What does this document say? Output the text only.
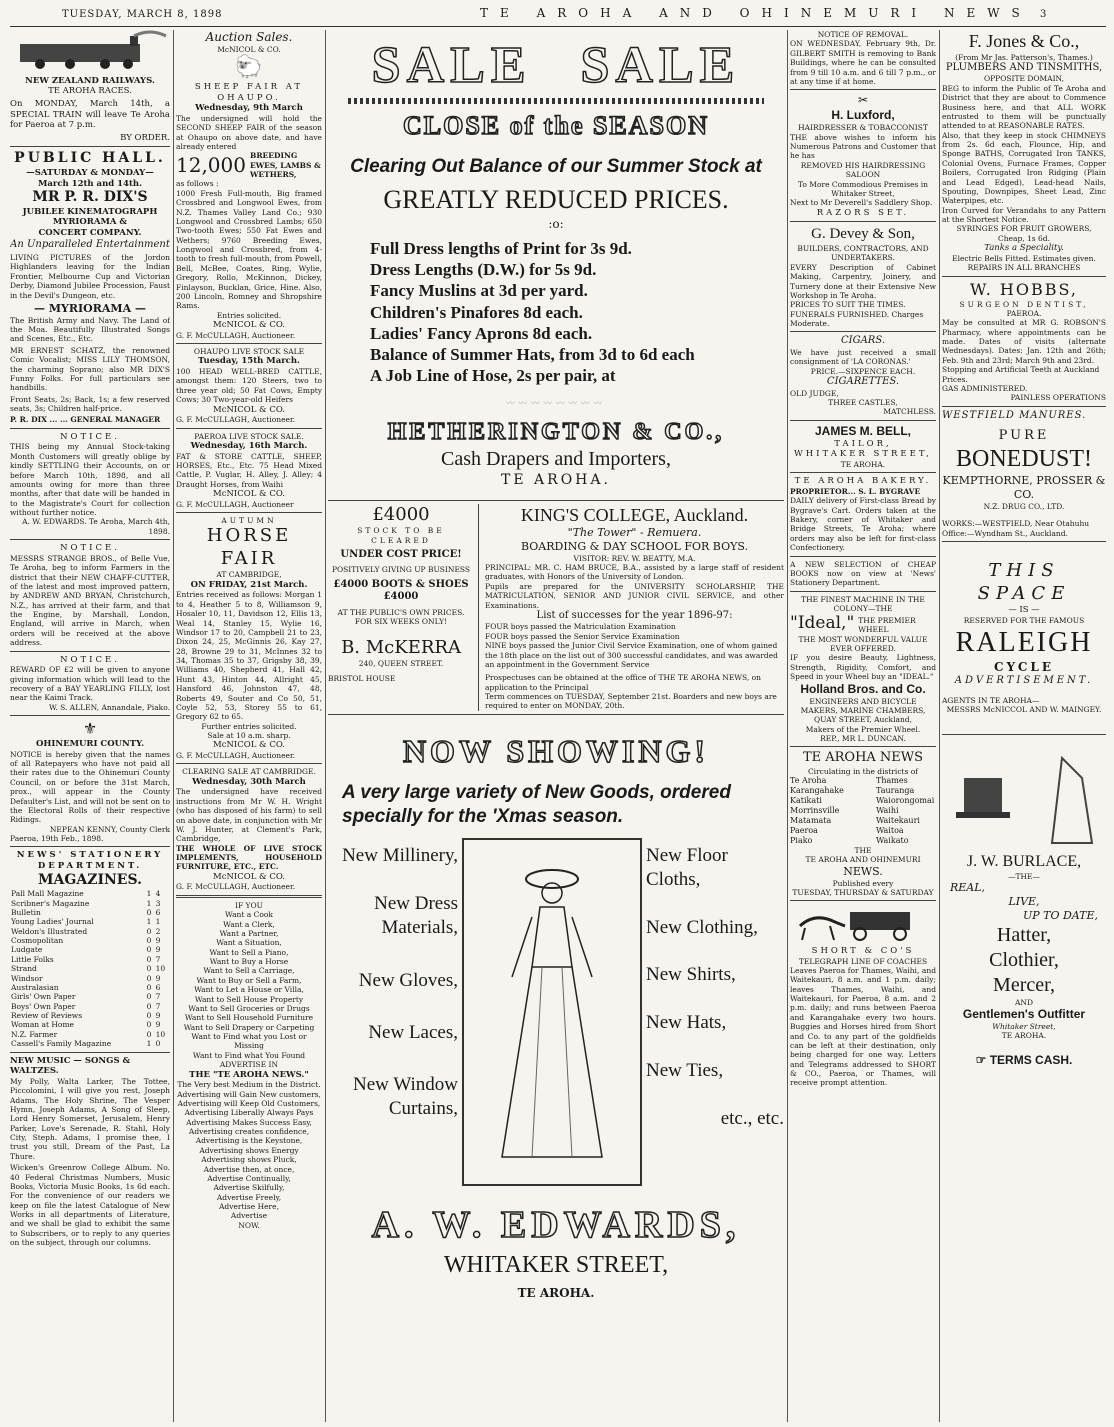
TUESDAY, MARCH 8, 1898	TE AROHA AND OHINEMURI NEWS 3
NEW ZEALAND RAILWAYS.
TE AROHA RACES.
On MONDAY, March 14th, a SPECIAL TRAIN will leave Te Aroha for Paeroa at 7 p.m.
BY ORDER.
PUBLIC HALL.
—SATURDAY & MONDAY— March 12th and 14th.
MR P. R. DIX'S
JUBILEE KINEMATOGRAPH
MYRIORAMA &
CONCERT COMPANY.
An Unparalleled Entertainment
LIVING PICTURES of the Jordon Highlanders leaving for the Indian Frontier, Melbourne Cup and Victorian Derby, Diamond Jubilee Procession, Faust in the Devil's Dungeon, etc.
— MYRIORAMA —
The British Army and Navy. The Land of the Moa. Beautifully Illustrated Songs and Scenes, Etc., Etc.
MR ERNEST SCHATZ, the renowned Comic Vocalist; MISS LILY THOMSON, the charming Soprano; also MR DIX'S Funny Folks. For full particulars see handbills.
Front Seats, 2s; Back, 1s; a few reserved seats, 3s; Children half-price.
P. R. DIX ... ... GENERAL MANAGER
NOTICE.
THIS being my Annual Stock-taking Month Customers will greatly oblige by kindly SETTLING their Accounts, on or before March 10th, 1898, and all amounts owing for more than three months, after that date will be handed in to the Magistrate's Court for collection without further notice.
A. W. EDWARDS. Te Aroha, March 4th, 1898.
NOTICE.
MESSRS STRANGE BROS., of Belle Vue, Te Aroha, beg to inform Farmers in the district that their NEW CHAFF-CUTTER, of the latest and most improved pattern, by ANDREW AND BRYAN, Christchurch, N.Z., has arrived at their farm, and that the Engine, by Marshall, London, England, will arrive in March, when orders will be received at the above address.
NOTICE.
REWARD OF £2 will be given to anyone giving information which will lead to the recovery of a BAY YEARLING FILLY, lost near the Kaimi Track.
W. S. ALLEN, Annandale, Piako.
⚜
OHINEMURI COUNTY.
NOTICE is hereby given that the names of all Ratepayers who have not paid all their rates due to the Ohinemuri County Council, on or before the 31st March, prox., will appear in the County Defaulter's List, and will not be sent on to the Electoral Rolls of their respective Ridings.
NEPEAN KENNY, County Clerk
Paeroa, 19th Feb., 1898.
NEWS' STATIONERY DEPARTMENT.
MAGAZINES.
Pall Mall Magazine	1	4
Scribner's Magazine	1	3
Bulletin	0	6
Young Ladies' Journal	1	1
Weldon's Illustrated	0	2
Cosmopolitan	0	9
Ludgate	0	9
Little Folks	0	7
Strand	0	10
Windsor	0	9
Australasian	0	6
Girls' Own Paper	0	7
Boys' Own Paper	0	7
Review of Reviews	0	9
Woman at Home	0	9
N.Z. Farmer	0	10
Cassell's Family Magazine	1	0
NEW MUSIC — SONGS & WALTZES.
My Polly, Walta Larker, The Tottee, Piccolomini, I will give you rest, Joseph Adams, The Holy Shrine, The Vesper Hymn, Joseph Adams, A Song of Sleep, Lord Henry Somerset, Jerusalem, Henry Parker, Love's Serenade, R. Stahl, Holy City, Steph. Adams, I promise thee, I trust you still, Dream of the Past, La Thure.
Wicken's Greenrow College Album. No. 40 Federal Christmas Numbers, Music Books, Victoria Music Books, 1s 6d each. For the convenience of our readers we keep on file the latest Catalogue of New Works in all departments of Literature, and we shall be glad to exhibit the same to Subscribers, or to reply to any queries on the subject, through our columns.
Auction Sales.
McNICOL & CO.
🐑
SHEEP FAIR AT OHAUPO.
Wednesday, 9th March
The undersigned will hold the SECOND SHEEP FAIR of the season at Ohaupo on above date, and have already entered
12,000 BREEDING EWES, LAMBS & WETHERS,
as follows :
1000 Fresh Full-mouth, Big framed Crossbred and Longwool Ewes, from N.Z. Thames Valley Land Co.; 930 Longwool and Crossbred Lambs; 650 Two-tooth Ewes; 550 Fat Ewes and Wethers; 9760 Breeding Ewes, Longwool and Crossbred, from 4-tooth to fresh full-mouth, from Powell, Bell, McBee, Coates, Ring, Wylie, Gregory, Rollo, McKinnon, Dickey, Finlayson, Bucklan, Grice, Hine. Also, 200 Lincoln, Romney and Shropshire Rams.
Entries solicited.
McNICOL & CO.
G. F. McCULLAGH, Auctioneer.
OHAUPO LIVE STOCK SALE
Tuesday, 15th March.
100 HEAD WELL-BRED CATTLE, amongst them: 120 Steers, two to three year old; 50 Fat Cows, Empty Cows; 30 Two-year-old Heifers
McNICOL & CO.
G. F. McCULLAGH, Auctioneer.
PAEROA LIVE STOCK SALE.
Wednesday, 16th March.
FAT & STORE CATTLE, SHEEP, HORSES, Etc., Etc. 75 Head Mixed Cattle, P. Vuglar, H. Alley, J. Alley; 4 Draught Horses, from Waihi
McNICOL & CO.
G. F. McCULLAGH, Auctioneer
AUTUMN
HORSE FAIR
AT CAMBRIDGE,
ON FRIDAY, 21st March.
Entries received as follows: Morgan 1 to 4, Heather 5 to 8, Williamson 9, Hosaler 10, 11, Davidson 12, Ellis 13, Weal 14, Stanley 15, Wylie 16, Windsor 17 to 20, Campbell 21 to 23, Dixon 24, 25, McGinnis 26, Kay 27, 28, Browne 29 to 31, McInnes 32 to 34, Thomas 35 to 37, Grigsby 38, 39, Williams 40, Shepherd 41, Hall 42, Hunt 43, Hinton 44, Allright 45, Hansford 46, Johnston 47, 48, Roberts 49, Souter and Co 50, 51, Coyle 52, 53, Storey 55 to 61, Gregory 62 to 65.
Further entries solicited.
Sale at 10 a.m. sharp.
McNICOL & CO.
G. F. McCULLAGH, Auctioneer.
CLEARING SALE AT CAMBRIDGE.
Wednesday, 30th March
The undersigned have received instructions from Mr W. H. Wright (who has disposed of his farm) to sell on above date, in conjunction with Mr W. J. Hunter, at Clement's Park, Cambridge,
THE WHOLE OF LIVE STOCK IMPLEMENTS, HOUSEHOLD FURNITURE, ETC., ETC.
McNICOL & CO.
G. F. McCULLAGH, Auctioneer.
IF YOU
Want a Cook
Want a Clerk,
Want a Partner,
Want a Situation,
Want to Sell a Piano,
Want to Buy a Horse
Want to Sell a Carriage,
Want to Buy or Sell a Farm,
Want to Let a House or Villa,
Want to Sell House Property
Want to Sell Groceries or Drugs
Want to Sell Household Furniture
Want to Sell Drapery or Carpeting
Want to Find what you Lost or Missing
Want to Find what You Found
ADVERTISE IN
THE "TE AROHA NEWS."
The Very best Medium in the District.
Advertising will Gain New customers,
Advertising will Keep Old Customers,
Advertising Liberally Always Pays
Advertising Makes Success Easy,
Advertising creates confidence,
Advertising is the Keystone,
Advertising shows Energy
Advertising shows Pluck,
Advertise then, at once,
Advertise Continually,
Advertise Skilfully,
Advertise Freely,
Advertise Here,
Advertise
NOW.
SALE SALE
CLOSE of the SEASON
Clearing Out Balance of our Summer Stock at
GREATLY REDUCED PRICES.
:o:
Full Dress lengths of Print for 3s 9d.
Dress Lengths (D.W.) for 5s 9d.
Fancy Muslins at 3d per yard.
Children's Pinafores 8d each.
Ladies' Fancy Aprons 8d each.
Balance of Summer Hats, from 3d to 6d each
A Job Line of Hose, 2s per pair, at
〰〰〰〰〰〰〰〰
HETHERINGTON & CO.,
Cash Drapers and Importers,
TE AROHA.
£4000
STOCK TO BE CLEARED
UNDER COST PRICE!
POSITIVELY GIVING UP BUSINESS
£4000 BOOTS & SHOES £4000
AT THE PUBLIC'S OWN PRICES.
FOR SIX WEEKS ONLY!
B. McKERRA
240, QUEEN STREET.
BRISTOL HOUSE
KING'S COLLEGE, Auckland.
"The Tower" - Remuera.
BOARDING & DAY SCHOOL FOR BOYS.
VISITOR: REV. W. BEATTY, M.A.
PRINCIPAL: MR. C. HAM BRUCE, B.A., assisted by a large staff of resident graduates, with Honors of the University of London.
Pupils are prepared for the UNIVERSITY SCHOLARSHIP, THE MATRICULATION, SENIOR AND JUNIOR CIVIL SERVICE, and other Examinations.
List of successes for the year 1896-97:
FOUR boys passed the Matriculation Examination
FOUR boys passed the Senior Service Examination
NINE boys passed the Junior Civil Service Examination, one of whom gained the 18th place on the list out of 300 successful candidates, and was awarded an appointment in the Government Service
Prospectuses can be obtained at the office of THE TE AROHA NEWS, on application to the Principal
Term commences on TUESDAY, September 21st. Boarders and new boys are required to enter on MONDAY, 20th.
NOW SHOWING!
A very large variety of New Goods, ordered specially for the 'Xmas season.
New Millinery,
New Dress Materials,
New Gloves,
New Laces,
New Window Curtains,
New Floor Cloths,
New Clothing,
New Shirts,
New Hats,
New Ties,
etc., etc.
A. W. EDWARDS,
WHITAKER STREET,
TE AROHA.
NOTICE OF REMOVAL.
ON WEDNESDAY, February 9th, Dr. GILBERT SMITH is removing to Bank Buildings, where he can be consulted from 9 till 10 a.m. and 6 till 7 p.m., or at any time if at home.
✂
H. Luxford,
HAIRDRESSER & TOBACCONIST
THE above wishes to inform his Numerous Patrons and Customer that he has
REMOVED HIS HAIRDRESSING SALOON
To More Commodious Premises in Whitaker Street,
Next to Mr Deverell's Saddlery Shop.
RAZORS SET.
G. Devey & Son,
BUILDERS, CONTRACTORS, AND UNDERTAKERS.
EVERY Description of Cabinet Making, Carpentry, Joinery, and Turnery done at their Extensive New Workshop in Te Aroha.
PRICES TO SUIT THE TIMES.
FUNERALS FURNISHED. Charges Moderate.
CIGARS.
We have just received a small consignment of 'LA CORONAS.'
PRICE.—SIXPENCE EACH.
CIGARETTES.
OLD JUDGE,
THREE CASTLES,
MATCHLESS.
JAMES M. BELL,
TAILOR,
WHITAKER STREET,
TE AROHA.
TE AROHA BAKERY.
PROPRIETOR... S. L. BYGRAVE
DAILY delivery of First-class Bread by Bygrave's Cart. Orders taken at the Bakery, corner of Whitaker and Bridge Streets, Te Aroha; where orders may also be left for first-class Confectionery.
A NEW SELECTION of CHEAP BOOKS now on view at 'News' Stationery Department.
THE FINEST MACHINE IN THE COLONY—THE
"Ideal," THE PREMIER WHEEL
THE MOST WONDERFUL VALUE EVER OFFERED.
IF you desire Beauty, Lightness, Strength, Rigidity, Comfort, and Speed in your Wheel buy an "IDEAL."
Holland Bros. and Co.
ENGINEERS AND BICYCLE MAKERS, MARINE CHAMBERS,
QUAY STREET, Auckland,
Makers of the Premier Wheel.
REP., MR L. DUNCAN.
TE AROHA NEWS
Circulating in the districts of
Te Aroha	Thames
Karangahake	Tauranga
Katikati	Waiorongomai
Morrinsville	Waihi
Matamata	Waitekauri
Paeroa	Waitoa
Piako	Waikato
THE
TE AROHA AND OHINEMURI
NEWS.
Published every
TUESDAY, THURSDAY & SATURDAY
SHORT & CO'S
TELEGRAPH LINE OF COACHES
Leaves Paeroa for Thames, Waihi, and Waitekauri, 8 a.m. and 1 p.m. daily; leaves Thames, Waihi, and Waitekauri, for Paeroa, 8 a.m. and 2 p.m. daily; and runs between Paeroa and Karangahake every two hours. Buggies and Horses hired from Short and Co. to any part of the goldfields can be left at their destination, only being charged for one way. Letters and Telegrams addressed to SHORT & CO., Paeroa, or Thames, will receive prompt attention.
F. Jones & Co.,
(From Mr Jas. Patterson's, Thames.)
PLUMBERS AND TINSMITHS,
OPPOSITE DOMAIN,
BEG to inform the Public of Te Aroha and District that they are about to Commence Business here, and that ALL WORK entrusted to them will be punctually attended to at REASONABLE RATES.
Also, that they keep in stock CHIMNEYS from 2s. 6d each, Flounce, Hip, and Sponge BATHS, Corrugated Iron TANKS, Colonial Ovens, Furnace Frames, Copper Boilers, Corrugated Iron Ridging (Plain and Lead Edged), Lead-head Nails, Spouting, Downpipes, Sheet Lead, Zinc Waterpipes, etc.
Iron Curved for Verandahs to any Pattern at the Shortest Notice.
SYRINGES FOR FRUIT GROWERS, Cheap, 1s 6d.
Tanks a Speciality.
Electric Bells Fitted. Estimates given.
REPAIRS IN ALL BRANCHES
W. HOBBS,
SURGEON DENTIST,
PAEROA.
May be consulted at MR G. ROBSON'S Pharmacy, where appointments can be made. Dates of visits (alternate Wednesdays). Dates: Jan. 12th and 26th; Feb. 9th and 23rd; March 9th and 23rd.
Stopping and Artificial Teeth at Auckland Prices.
GAS ADMINISTERED.
PAINLESS OPERATIONS
WESTFIELD MANURES.
PURE
BONEDUST!
KEMPTHORNE, PROSSER & CO.
N.Z. DRUG CO., LTD.
WORKS:—WESTFIELD, Near Otahuhu
Office:—Wyndham St., Auckland.
THIS SPACE
— IS —
RESERVED FOR THE FAMOUS
RALEIGH
CYCLE
ADVERTISEMENT.
AGENTS IN TE AROHA—
MESSRS McNICCOL AND W. MAINGEY.
J. W. BURLACE,
—THE—
REAL,
LIVE,
UP TO DATE,
Hatter,
Clothier,
Mercer,
AND
Gentlemen's Outfitter
Whitaker Street,
TE AROHA.
☞ TERMS CASH.
